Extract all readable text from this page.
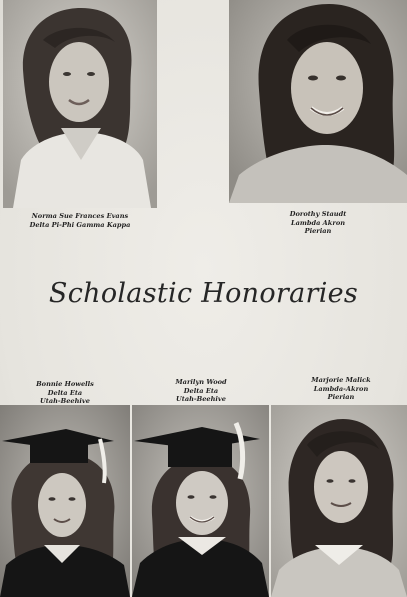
Norma Sue Frances Evans
Delta Pi-Phi Gamma Kappa
Dorothy Staudt
Lambda Akron
Pierian
Scholastic Honoraries
Bonnie Howells
Delta Eta
Utah-Beehive
Marilyn Wood
Delta Eta
Utah-Beehive
Marjorie Malick
Lambda-Akron
Pierian
